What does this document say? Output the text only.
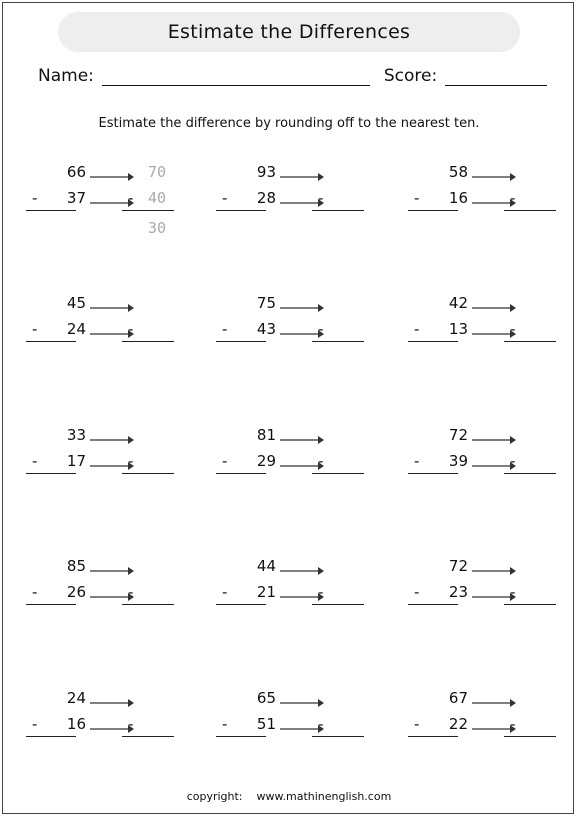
Estimate the Differences
Name:	Score:
Estimate the difference by rounding off to the nearest ten.
66
-	37	-
70
40
30
93
-	28	-
58
-	16	-
45
-	24	-
75
-	43	-
42
-	13	-
33
-	17	-
81
-	29	-
72
-	39	-
85
-	26	-
44
-	21	-
72
-	23	-
24
-	16	-
65
-	51	-
67
-	22	-
copyright: www.mathinenglish.com
